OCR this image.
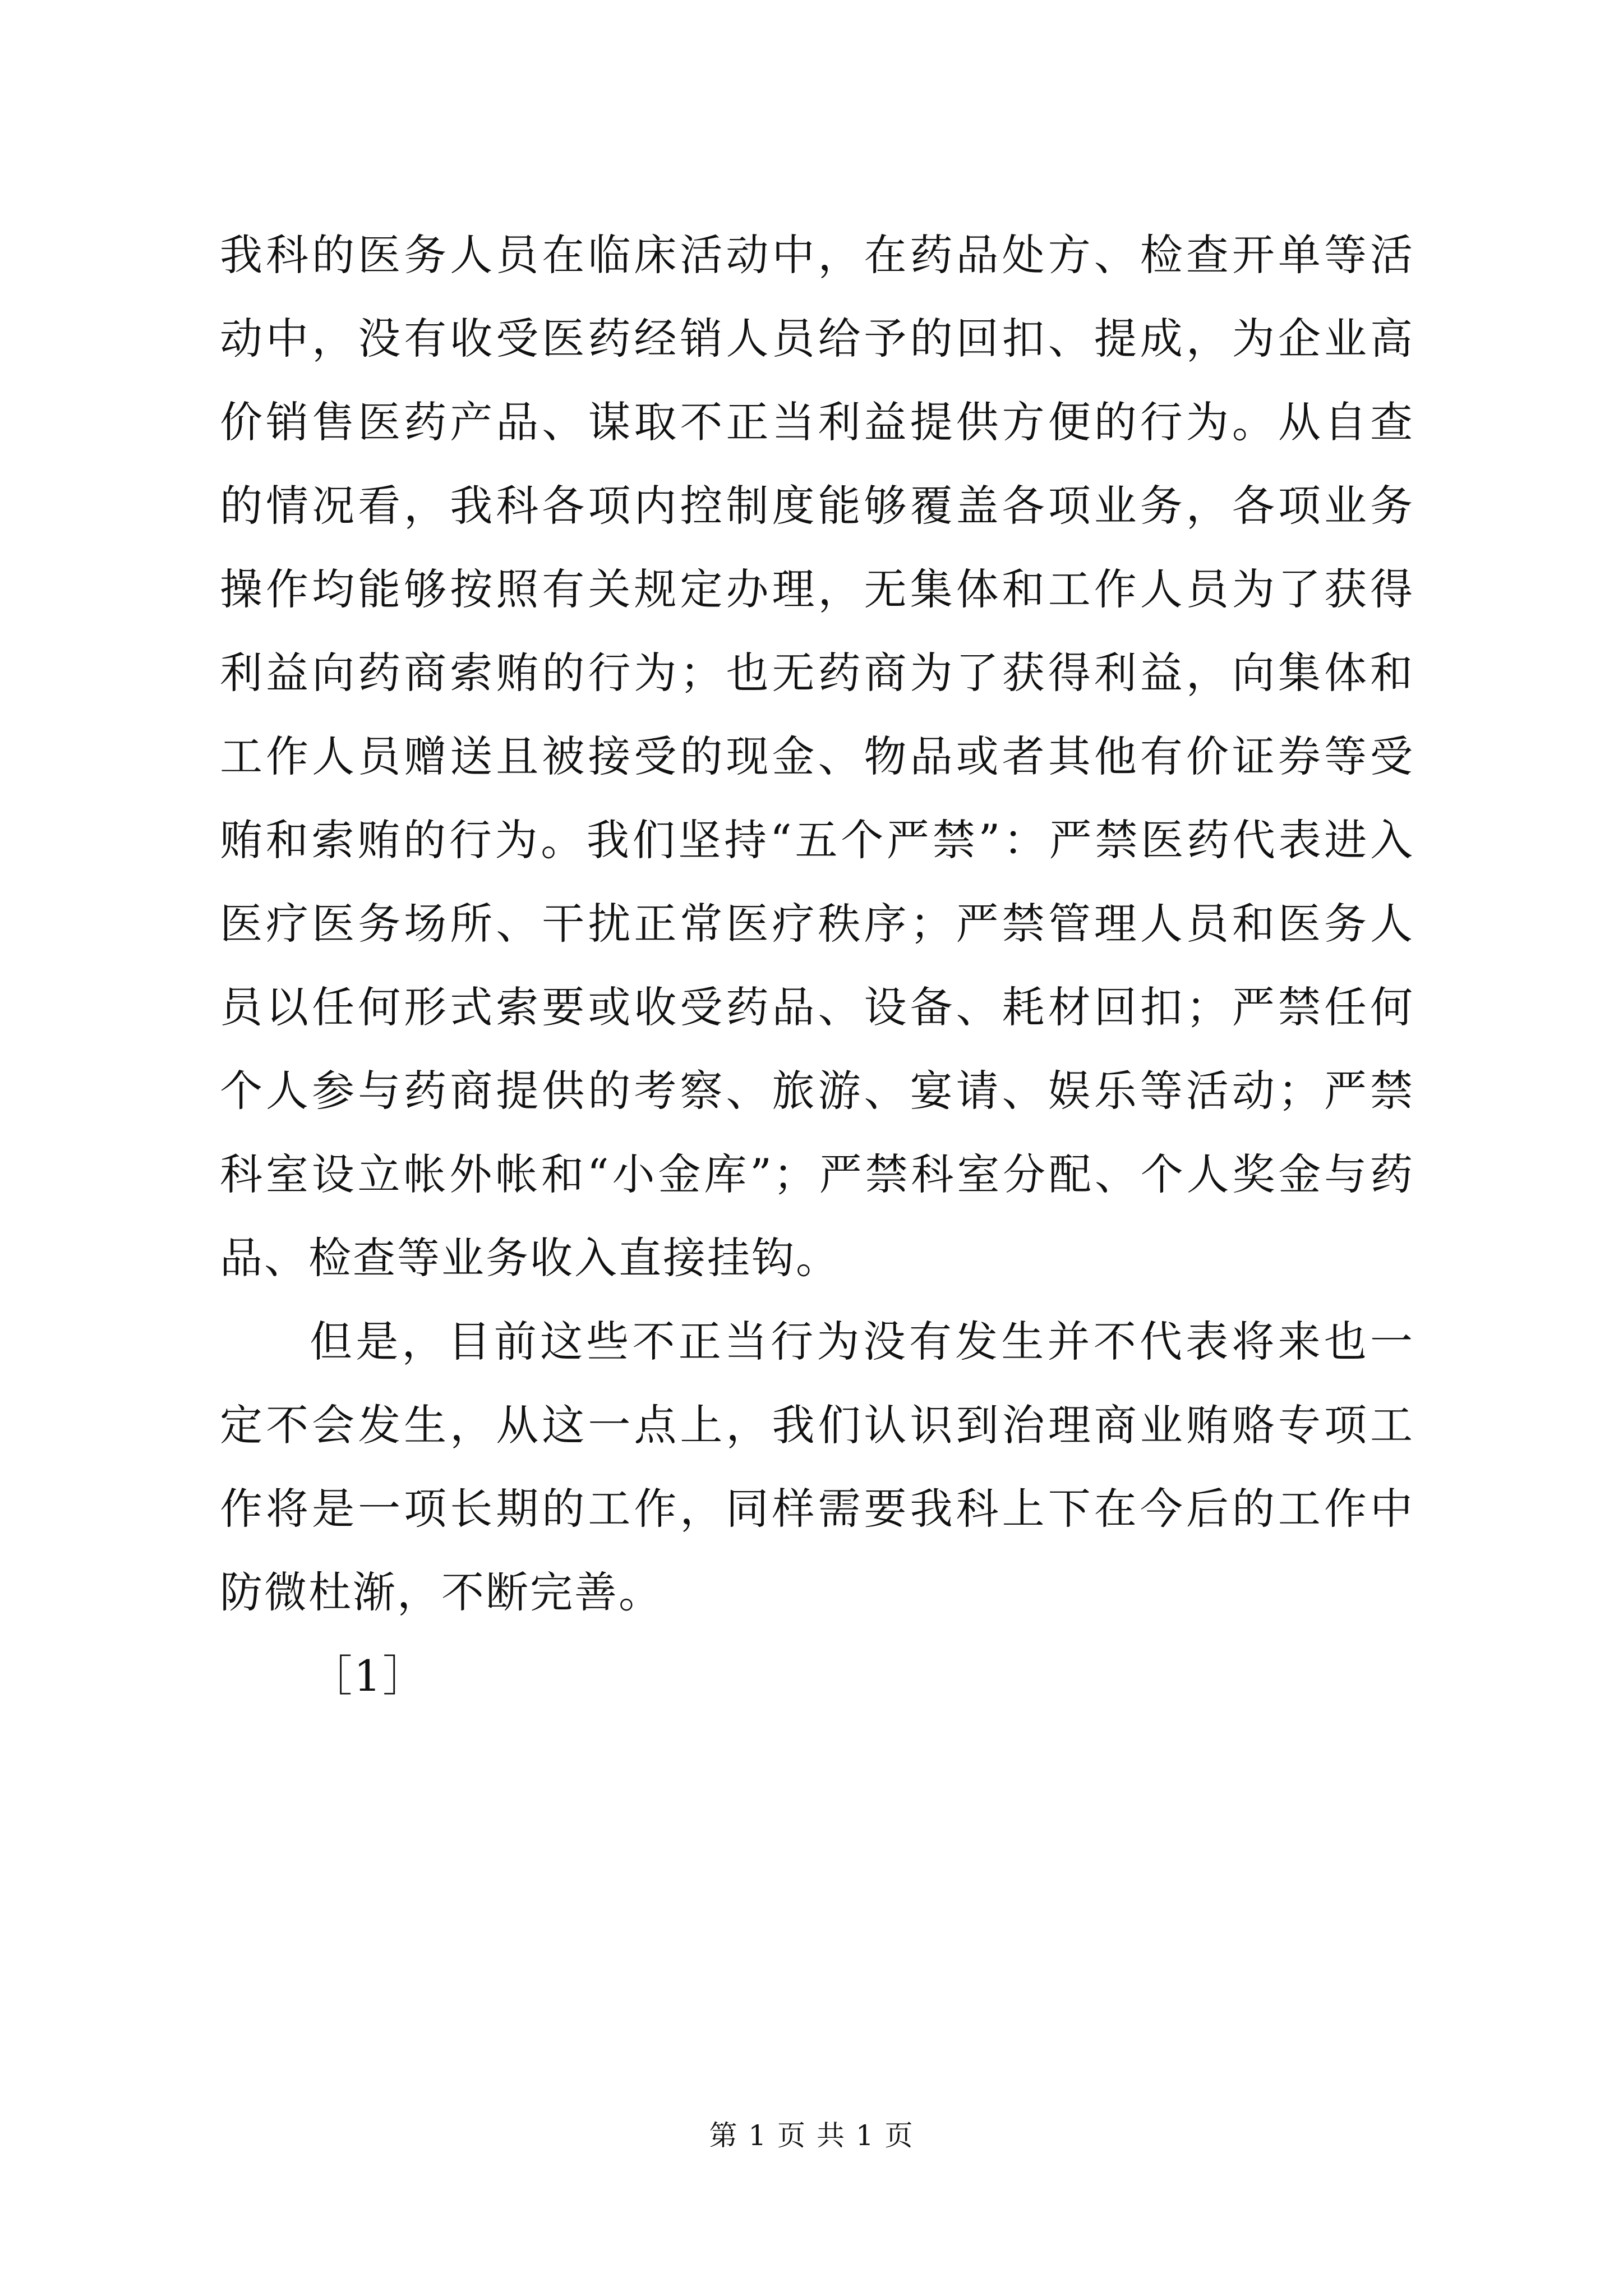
我科的医务人员在临床活动中，在药品处方、检查开单等活动中，没有收受医药经销人员给予的回扣、提成，为企业高价销售医药产品、谋取不正当利益提供方便的行为。从自查的情况看，我科各项内控制度能够覆盖各项业务，各项业务操作均能够按照有关规定办理，无集体和工作人员为了获得利益向药商索贿的行为；也无药商为了获得利益，向集体和工作人员赠送且被接受的现金、物品或者其他有价证券等受贿和索贿的行为。我们坚持“五个严禁”：严禁医药代表进入医疗医务场所、干扰正常医疗秩序；严禁管理人员和医务人员以任何形式索要或收受药品、设备、耗材回扣；严禁任何个人参与药商提供的考察、旅游、宴请、娱乐等活动；严禁科室设立帐外帐和“小金库”；严禁科室分配、个人奖金与药品、检查等业务收入直接挂钩。

但是，目前这些不正当行为没有发生并不代表将来也一定不会发生，从这一点上，我们认识到治理商业贿赂专项工作将是一项长期的工作，同样需要我科上下在今后的工作中防微杜渐，不断完善。

［1］

第 1 页 共 1 页
